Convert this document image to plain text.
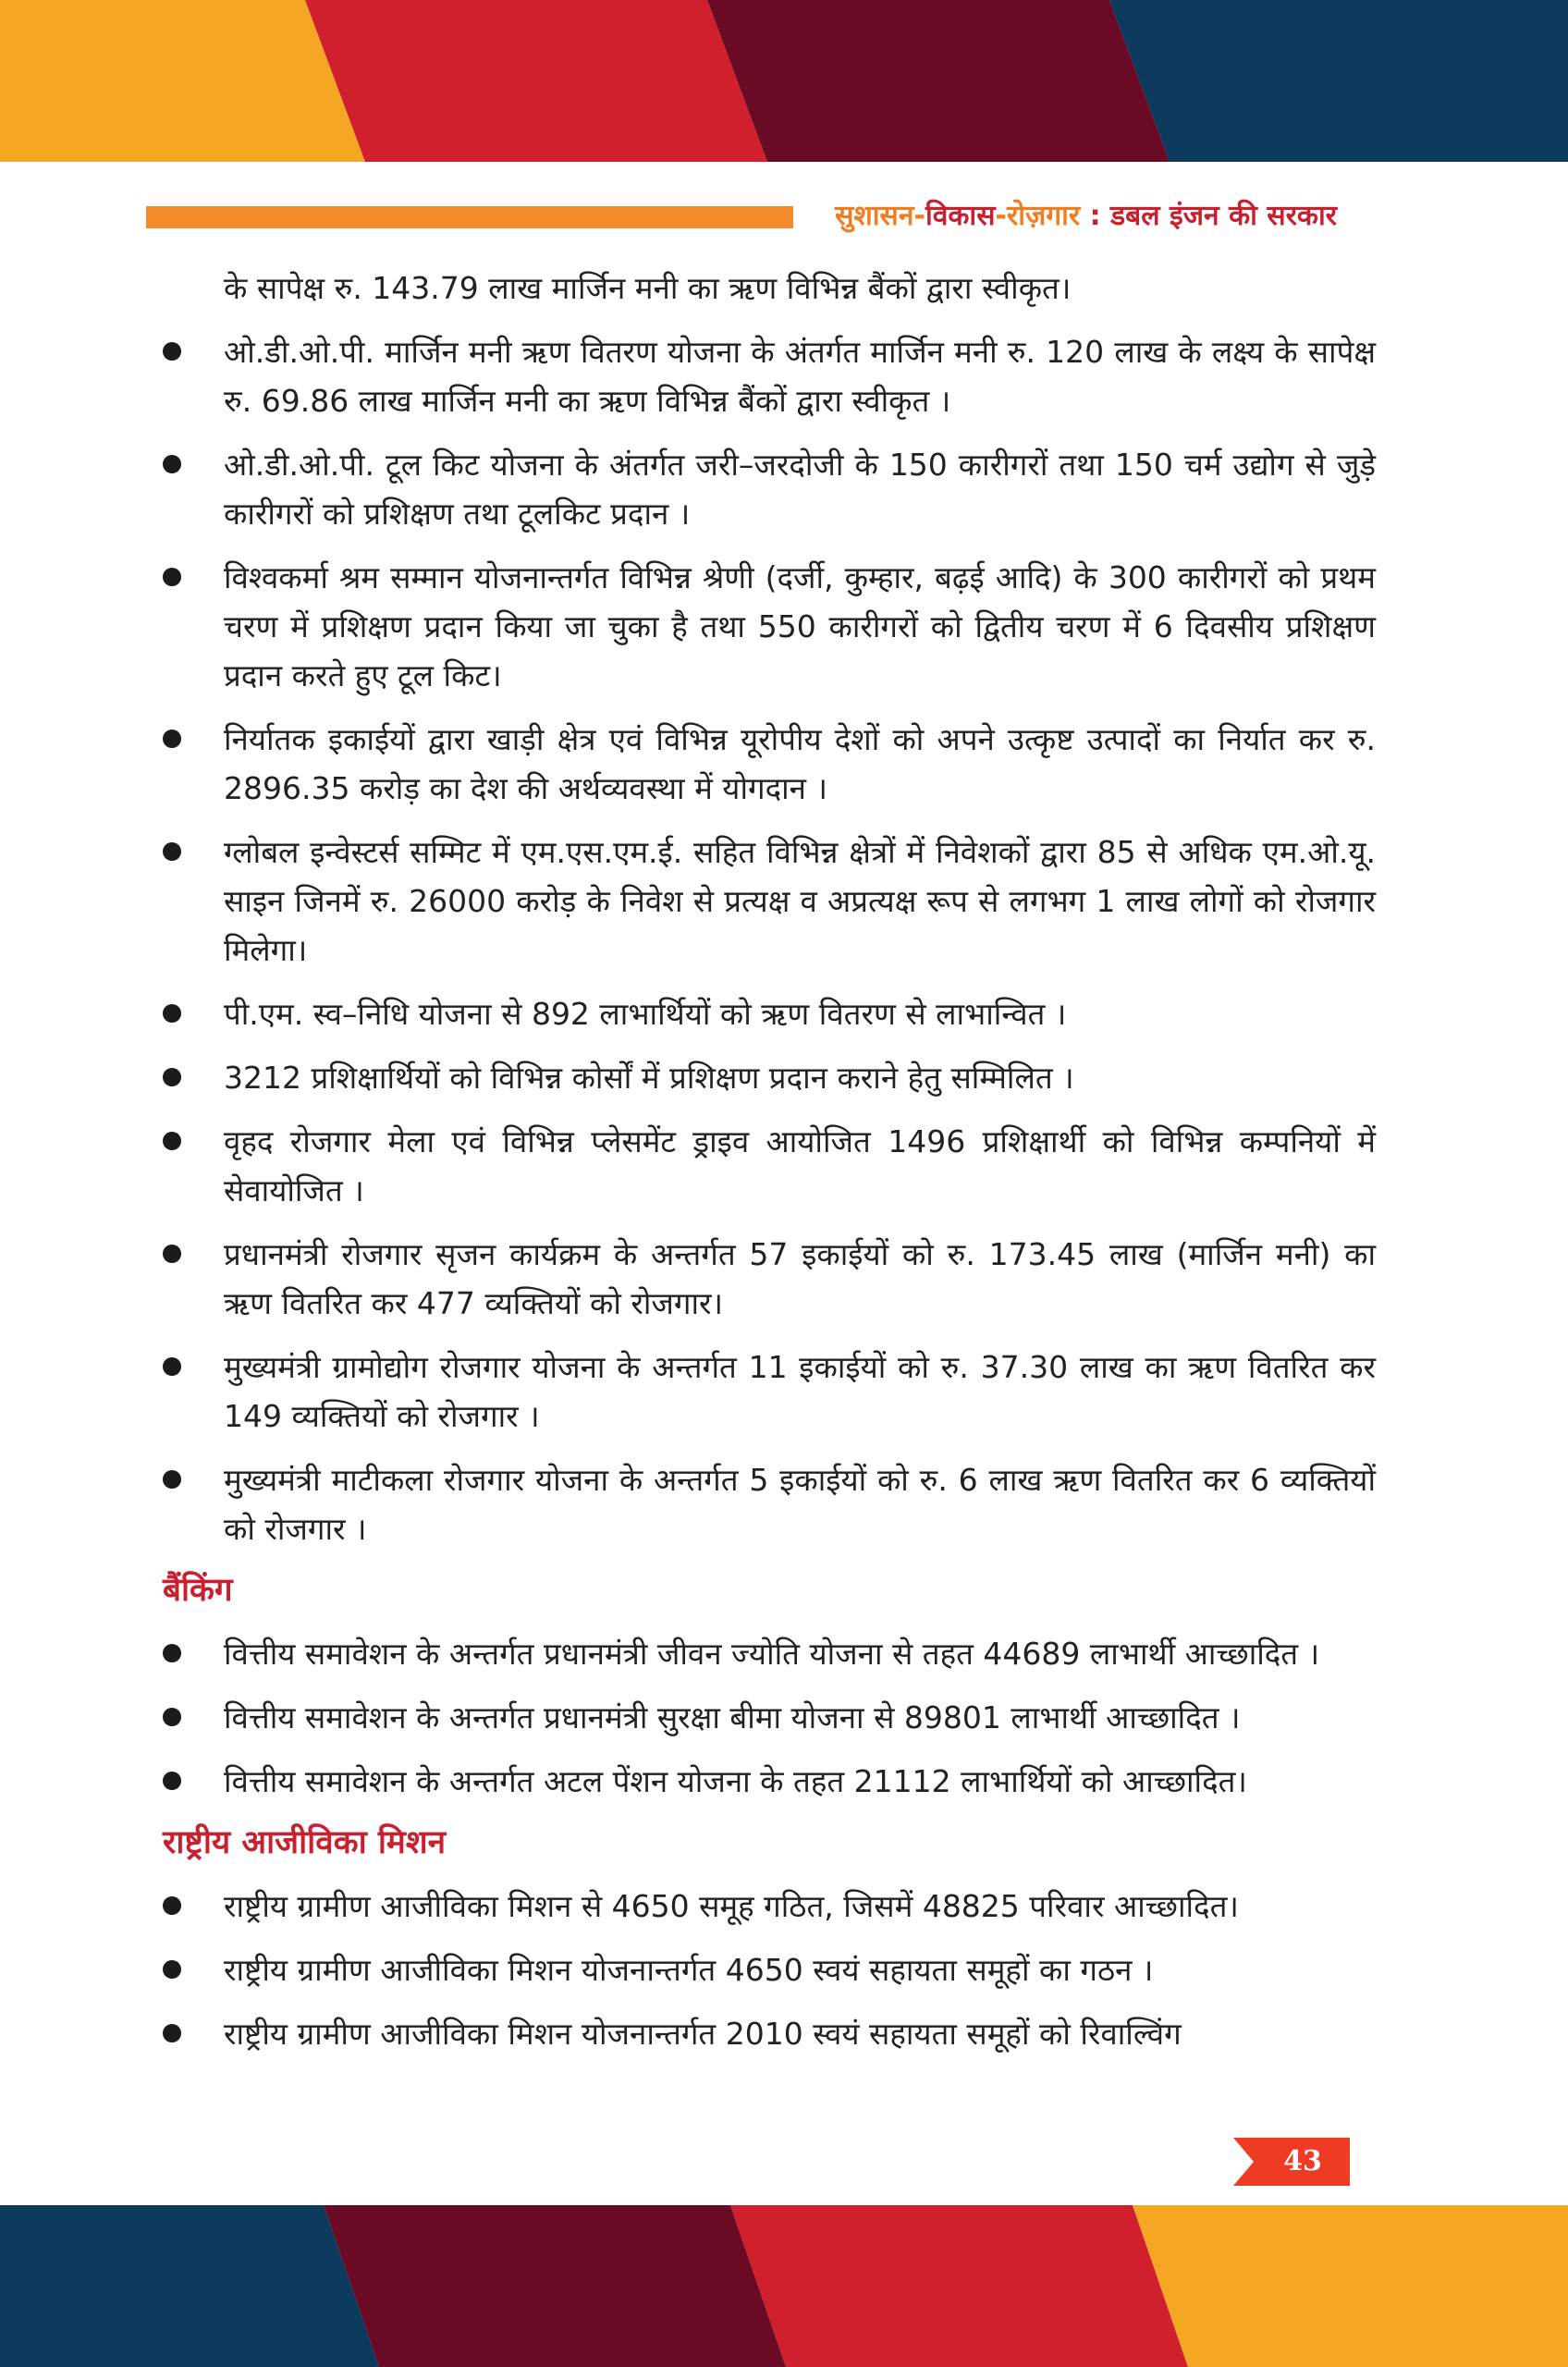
सुशासन-विकास-रोज़गार : डबल इंजन की सरकार
के सापेक्ष रु. 143.79 लाख मार्जिन मनी का ऋण विभिन्न बैंकों द्वारा स्वीकृत।
ओ.डी.ओ.पी. मार्जिन मनी ऋण वितरण योजना के अंतर्गत मार्जिन मनी रु. 120 लाख के लक्ष्य के सापेक्ष रु. 69.86 लाख मार्जिन मनी का ऋण विभिन्न बैंकों द्वारा स्वीकृत ।
ओ.डी.ओ.पी. टूल किट योजना के अंतर्गत जरी–जरदोजी के 150 कारीगरों तथा 150 चर्म उद्योग से जुड़े कारीगरों को प्रशिक्षण तथा टूलकिट प्रदान ।
विश्वकर्मा श्रम सम्मान योजनान्तर्गत विभिन्न श्रेणी (दर्जी, कुम्हार, बढ़ई आदि) के 300 कारीगरों को प्रथम चरण में प्रशिक्षण प्रदान किया जा चुका है तथा 550 कारीगरों को द्वितीय चरण में 6 दिवसीय प्रशिक्षण प्रदान करते हुए टूल किट।
निर्यातक इकाईयों द्वारा खाड़ी क्षेत्र एवं विभिन्न यूरोपीय देशों को अपने उत्कृष्ट उत्पादों का निर्यात कर रु. 2896.35 करोड़ का देश की अर्थव्यवस्था में योगदान ।
ग्लोबल इन्वेस्टर्स सम्मिट में एम.एस.एम.ई. सहित विभिन्न क्षेत्रों में निवेशकों द्वारा 85 से अधिक एम.ओ.यू. साइन जिनमें रु. 26000 करोड़ के निवेश से प्रत्यक्ष व अप्रत्यक्ष रूप से लगभग 1 लाख लोगों को रोजगार मिलेगा।
पी.एम. स्व–निधि योजना से 892 लाभार्थियों को ऋण वितरण से लाभान्वित ।
3212 प्रशिक्षार्थियों को विभिन्न कोर्सों में प्रशिक्षण प्रदान कराने हेतु सम्मिलित ।
वृहद रोजगार मेला एवं विभिन्न प्लेसमेंट ड्राइव आयोजित 1496 प्रशिक्षार्थी को विभिन्न कम्पनियों में सेवायोजित ।
प्रधानमंत्री रोजगार सृजन कार्यक्रम के अन्तर्गत 57 इकाईयों को रु. 173.45 लाख (मार्जिन मनी) का ऋण वितरित कर 477 व्यक्तियों को रोजगार।
मुख्यमंत्री ग्रामोद्योग रोजगार योजना के अन्तर्गत 11 इकाईयों को रु. 37.30 लाख का ऋण वितरित कर 149 व्यक्तियों को रोजगार ।
मुख्यमंत्री माटीकला रोजगार योजना के अन्तर्गत 5 इकाईयों को रु. 6 लाख ऋण वितरित कर 6 व्यक्तियों को रोजगार ।
बैंकिंग
वित्तीय समावेशन के अन्तर्गत प्रधानमंत्री जीवन ज्योति योजना से तहत 44689 लाभार्थी आच्छादित ।
वित्तीय समावेशन के अन्तर्गत प्रधानमंत्री सुरक्षा बीमा योजना से 89801 लाभार्थी आच्छादित ।
वित्तीय समावेशन के अन्तर्गत अटल पेंशन योजना के तहत 21112 लाभार्थियों को आच्छादित।
राष्ट्रीय आजीविका मिशन
राष्ट्रीय ग्रामीण आजीविका मिशन से 4650 समूह गठित, जिसमें 48825 परिवार आच्छादित।
राष्ट्रीय ग्रामीण आजीविका मिशन योजनान्तर्गत 4650 स्वयं सहायता समूहों का गठन ।
राष्ट्रीय ग्रामीण आजीविका मिशन योजनान्तर्गत 2010 स्वयं सहायता समूहों को रिवाल्विंग
43
